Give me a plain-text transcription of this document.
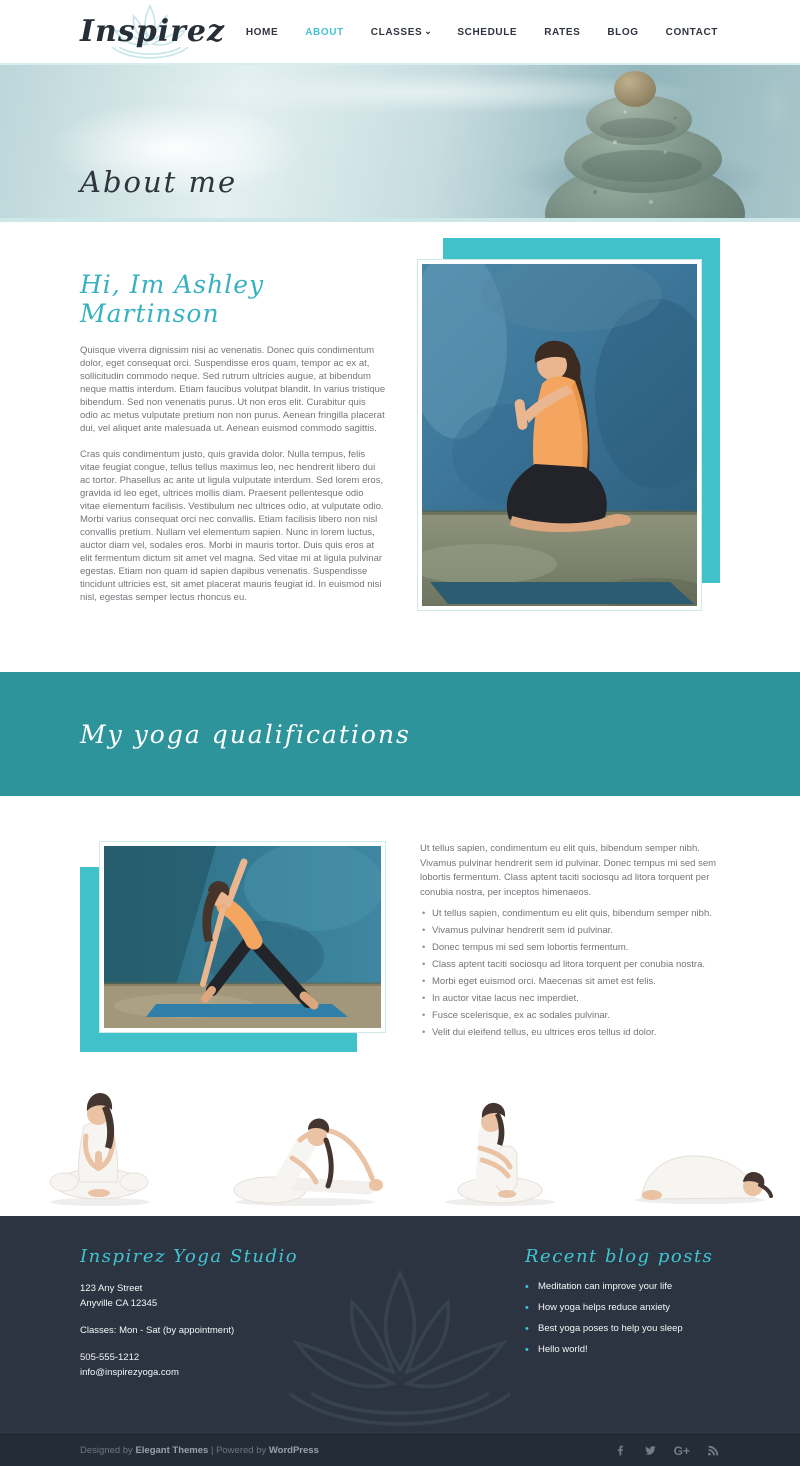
Inspirez HOME	ABOUT	CLASSES ⌄	SCHEDULE	RATES	BLOG	CONTACT
About me
Hi, Im Ashley Martinson

Quisque viverra dignissim nisi ac venenatis. Donec quis condimentum dolor, eget consequat orci. Suspendisse eros quam, tempor ac ex at, sollicitudin commodo neque. Sed rutrum ultricies augue, at bibendum neque mattis interdum. Etiam faucibus volutpat blandit. In varius tristique bibendum. Sed non venenatis purus. Ut non eros elit. Curabitur quis odio ac metus vulputate pretium non non purus. Aenean fringilla placerat dui, vel aliquet ante malesuada ut. Aenean euismod commodo sagittis.

Cras quis condimentum justo, quis gravida dolor. Nulla tempus, felis vitae feugiat congue, tellus tellus maximus leo, nec hendrerit libero dui ac tortor. Phasellus ac ante ut ligula vulputate interdum. Sed lorem eros, gravida id leo eget, ultrices mollis diam. Praesent pellentesque odio vitae elementum facilisis. Vestibulum nec ultrices odio, at vulputate odio. Morbi varius consequat orci nec convallis. Etiam facilisis libero non nisl convallis pretium. Nullam vel elementum sapien. Nunc in lorem luctus, auctor diam vel, sodales eros. Morbi in mauris tortor. Duis quis eros at elit fermentum dictum sit amet vel magna. Sed vitae mi at ligula pulvinar egestas. Etiam non quam id sapien dapibus venenatis. Suspendisse tincidunt ultricies est, sit amet placerat mauris feugiat id. In euismod nisi nisl, egestas semper lectus rhoncus eu.

My yoga qualifications

Ut tellus sapien, condimentum eu elit quis, bibendum semper nibh. Vivamus pulvinar hendrerit sem id pulvinar. Donec tempus mi sed sem lobortis fermentum. Class aptent taciti sociosqu ad litora torquent per conubia nostra, per inceptos himenaeos.

• Ut tellus sapien, condimentum eu elit quis, bibendum semper nibh.
• Vivamus pulvinar hendrerit sem id pulvinar.
• Donec tempus mi sed sem lobortis fermentum.
• Class aptent taciti sociosqu ad litora torquent per conubia nostra.
• Morbi eget euismod orci. Maecenas sit amet est felis.
• In auctor vitae lacus nec imperdiet.
• Fusce scelerisque, ex ac sodales pulvinar.
• Velit dui eleifend tellus, eu ultrices eros tellus id dolor.
Inspirez Yoga Studio
123 Any Street
Anyville CA 12345
Classes: Mon - Sat (by appointment)
505-555-1212
info@inspirezyoga.com
Recent blog posts
• Meditation can improve your life
• How yoga helps reduce anxiety
• Best yoga poses to help you sleep
• Hello world!
Designed by Elegant Themes | Powered by WordPress	G+
